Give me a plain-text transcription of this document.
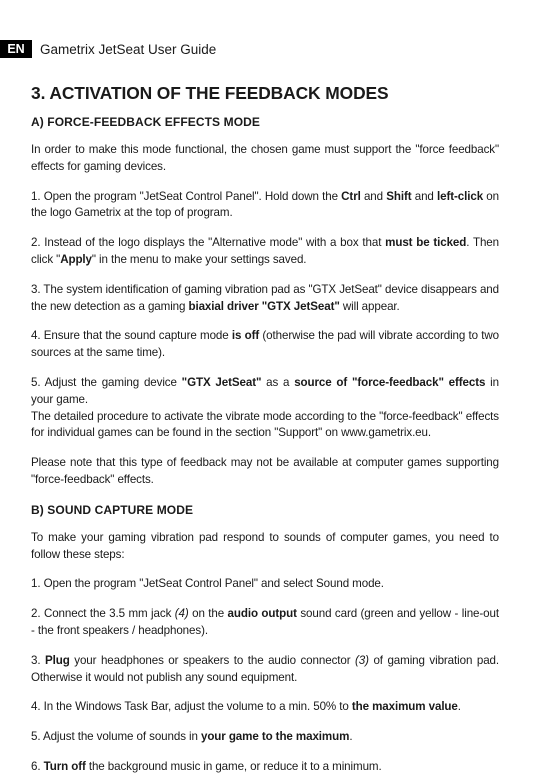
EN	Gametrix JetSeat User Guide
3. ACTIVATION OF THE FEEDBACK MODES
A) FORCE-FEEDBACK EFFECTS MODE

In order to make this mode functional, the chosen game must support the "force feedback" effects for gaming devices.

1. Open the program "JetSeat Control Panel". Hold down the Ctrl and Shift and left-click on the logo Gametrix at the top of program.

2. Instead of the logo displays the "Alternative mode" with a box that must be ticked. Then click "Apply" in the menu to make your settings saved.

3. The system identification of gaming vibration pad as "GTX JetSeat" device disappears and the new detection as a gaming biaxial driver "GTX JetSeat" will appear.

4. Ensure that the sound capture mode is off (otherwise the pad will vibrate according to two sources at the same time).

5. Adjust the gaming device "GTX JetSeat" as a source of "force-feedback" effects in your game.

The detailed procedure to activate the vibrate mode according to the "force-feedback" effects for individual games can be found in the section "Support" on www.gametrix.eu.

Please note that this type of feedback may not be available at computer games supporting "force-feedback" effects.

B) SOUND CAPTURE MODE

To make your gaming vibration pad respond to sounds of computer games, you need to follow these steps:

1. Open the program "JetSeat Control Panel" and select Sound mode.

2. Connect the 3.5 mm jack (4) on the audio output sound card (green and yellow - line-out - the front speakers / headphones).

3. Plug your headphones or speakers to the audio connector (3) of gaming vibration pad. Otherwise it would not publish any sound equipment.

4. In the Windows Task Bar, adjust the volume to a min. 50% to the maximum value.

5. Adjust the volume of sounds in your game to the maximum.

6. Turn off the background music in game, or reduce it to a minimum.
